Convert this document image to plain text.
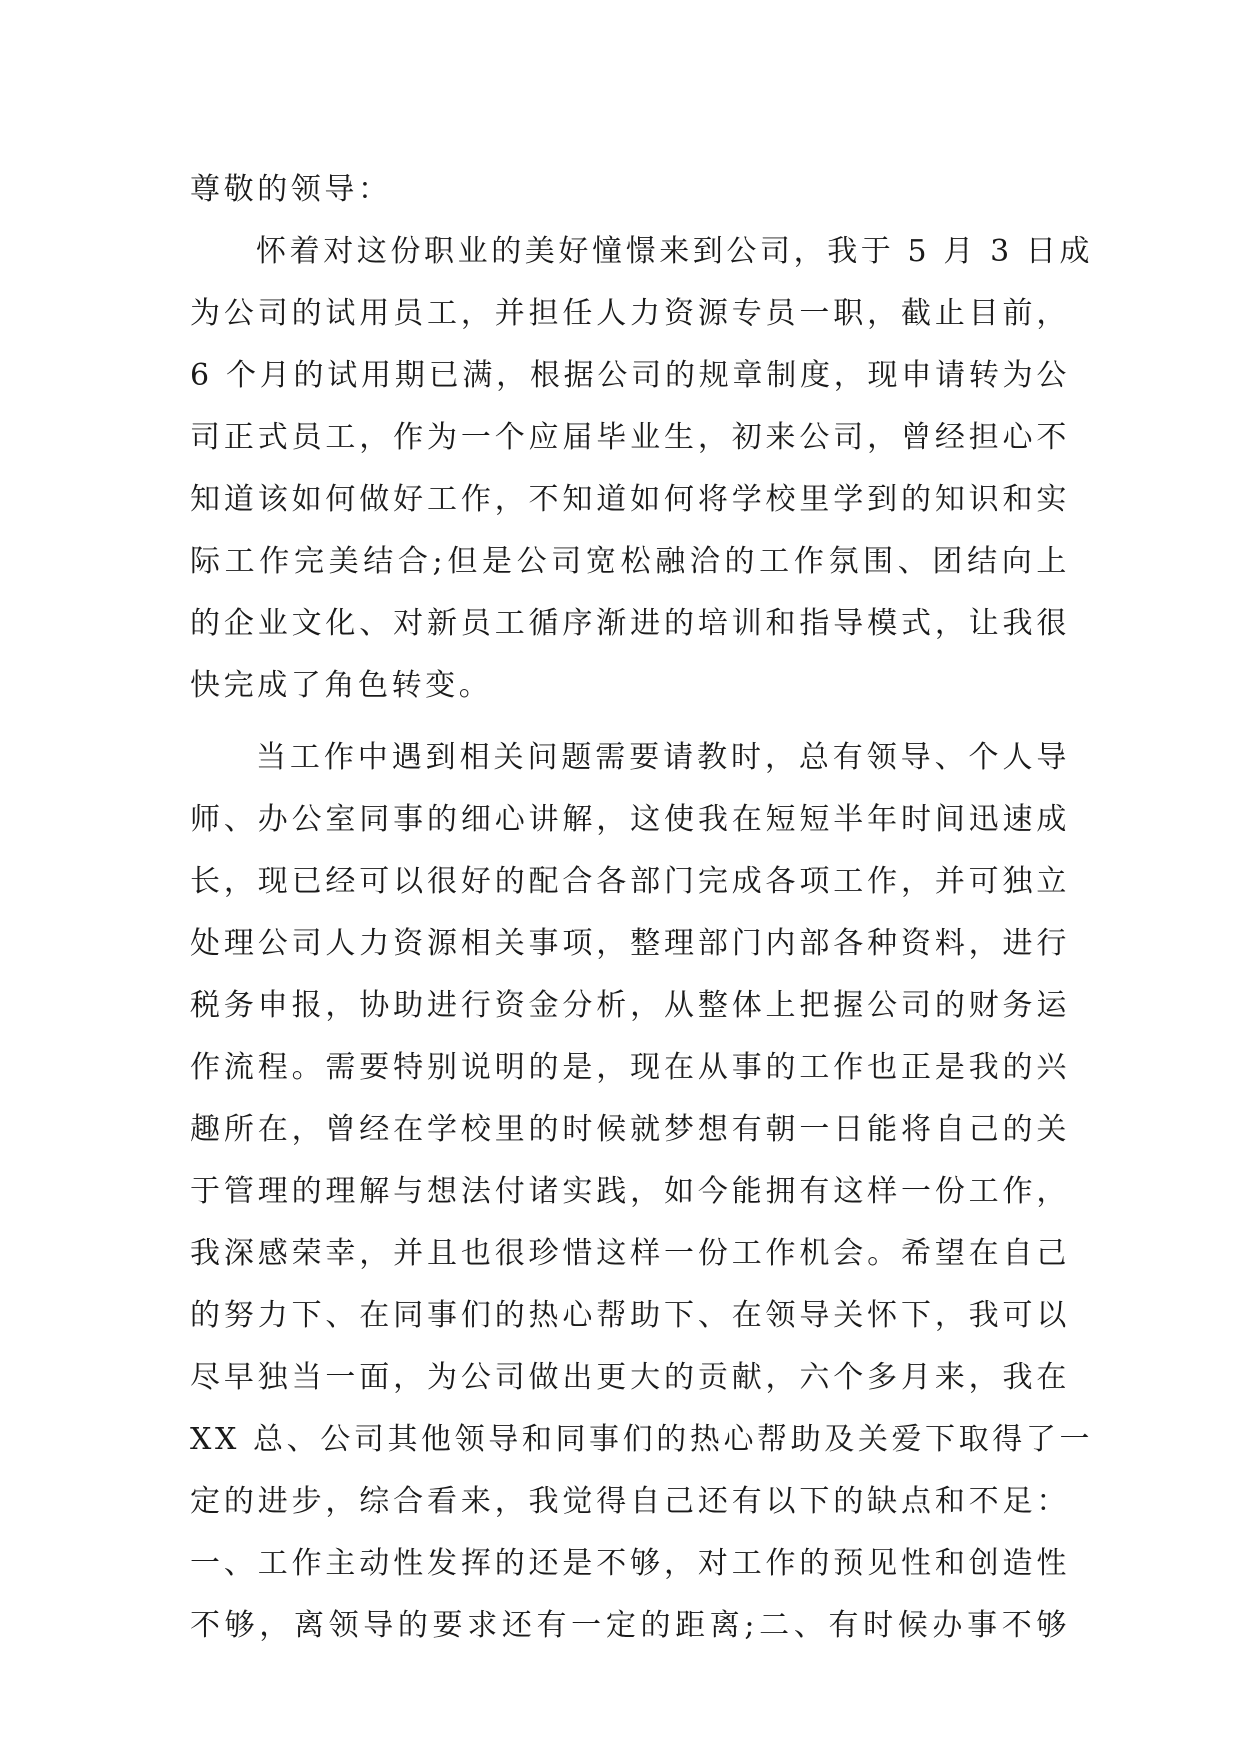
尊敬的领导：
怀着对这份职业的美好憧憬来到公司，我于 5 月 3 日成
为公司的试用员工，并担任人力资源专员一职，截止目前，
6 个月的试用期已满，根据公司的规章制度，现申请转为公
司正式员工，作为一个应届毕业生，初来公司，曾经担心不
知道该如何做好工作，不知道如何将学校里学到的知识和实
际工作完美结合;但是公司宽松融洽的工作氛围、团结向上
的企业文化、对新员工循序渐进的培训和指导模式，让我很
快完成了角色转变。
当工作中遇到相关问题需要请教时，总有领导、个人导
师、办公室同事的细心讲解，这使我在短短半年时间迅速成
长，现已经可以很好的配合各部门完成各项工作，并可独立
处理公司人力资源相关事项，整理部门内部各种资料，进行
税务申报，协助进行资金分析，从整体上把握公司的财务运
作流程。需要特别说明的是，现在从事的工作也正是我的兴
趣所在，曾经在学校里的时候就梦想有朝一日能将自己的关
于管理的理解与想法付诸实践，如今能拥有这样一份工作，
我深感荣幸，并且也很珍惜这样一份工作机会。希望在自己
的努力下、在同事们的热心帮助下、在领导关怀下，我可以
尽早独当一面，为公司做出更大的贡献，六个多月来，我在
XX 总、公司其他领导和同事们的热心帮助及关爱下取得了一
定的进步，综合看来，我觉得自己还有以下的缺点和不足：
一、工作主动性发挥的还是不够，对工作的预见性和创造性
不够，离领导的要求还有一定的距离;二、有时候办事不够
